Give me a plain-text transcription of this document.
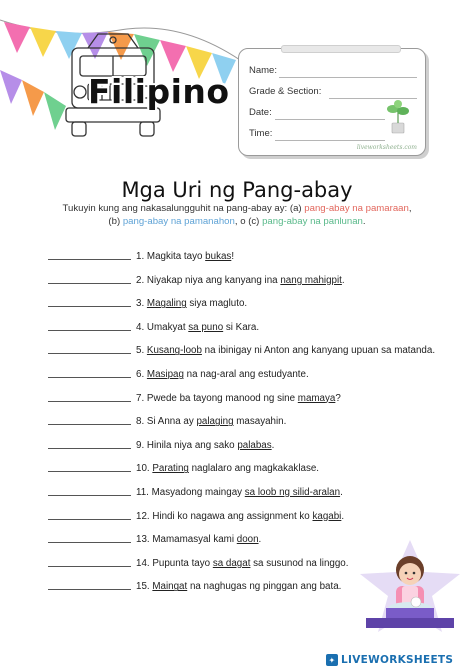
Filipino
Name:
Grade & Section:
Date:
Time:
liveworksheets.com
Mga Uri ng Pang-abay
Tukuyin kung ang nakasalungguhit na pang-abay ay: (a) pang-abay na pamaraan,
(b) pang-abay na pamanahon, o (c) pang-abay na panlunan.
1.
Magkita tayo bukas!
2.
Niyakap niya ang kanyang ina nang mahigpit.
3.
Magaling siya magluto.
4.
Umakyat sa puno si Kara.
5.
Kusang-loob na ibinigay ni Anton ang kanyang upuan sa matanda.
6.
Masipag na nag-aral ang estudyante.
7.
Pwede ba tayong manood ng sine mamaya?
8.
Si Anna ay palaging masayahin.
9.
Hinila niya ang sako palabas.
10.
Parating naglalaro ang magkakaklase.
11.
Masyadong maingay sa loob ng silid-aralan.
12.
Hindi ko nagawa ang assignment ko kagabi.
13.
Mamamasyal kami doon.
14.
Pupunta tayo sa dagat sa susunod na linggo.
15.
Maingat na naghugas ng pinggan ang bata.
✦ LIVEWORKSHEETS
